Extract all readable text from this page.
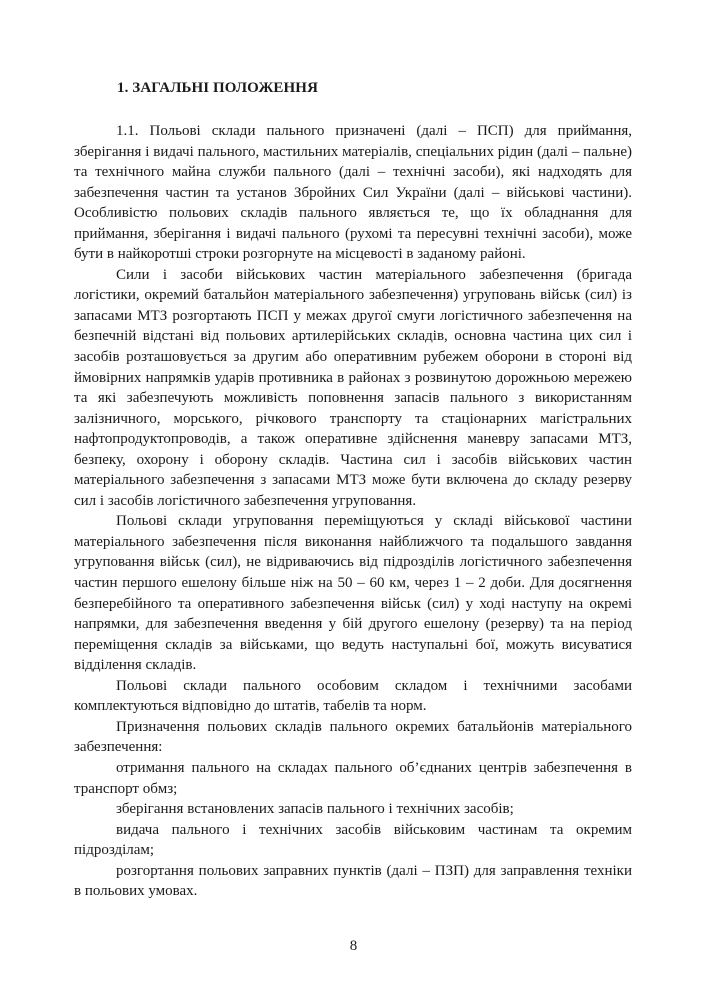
1. ЗАГАЛЬНІ ПОЛОЖЕННЯ

1.1. Польові склади пального призначені (далі – ПСП) для приймання, зберігання і видачі пального, мастильних матеріалів, спеціальних рідин (далі – пальне) та технічного майна служби пального (далі – технічні засоби), які надходять для забезпечення частин та установ Збройних Сил України (далі – військові частини). Особливістю польових складів пального являється те, що їх обладнання для приймання, зберігання і видачі пального (рухомі та пересувні технічні засоби), може бути в найкоротші строки розгорнуте на місцевості в заданому районі.

Сили і засоби військових частин матеріального забезпечення (бригада логістики, окремий батальйон матеріального забезпечення) угруповань військ (сил) із запасами МТЗ розгортають ПСП у межах другої смуги логістичного забезпечення на безпечній відстані від польових артилерійських складів, основна частина цих сил і засобів розташовується за другим або оперативним рубежем оборони в стороні від ймовірних напрямків ударів противника в районах з розвинутою дорожньою мережею та які забезпечують можливість поповнення запасів пального з використанням залізничного, морського, річкового транспорту та стаціонарних магістральних нафтопродуктопроводів, а також оперативне здійснення маневру запасами МТЗ, безпеку, охорону і оборону складів. Частина сил і засобів військових частин матеріального забезпечення з запасами МТЗ може бути включена до складу резерву сил і засобів логістичного забезпечення угруповання.

Польові склади угруповання переміщуються у складі військової частини матеріального забезпечення після виконання найближчого та подальшого завдання угруповання військ (сил), не відриваючись від підрозділів логістичного забезпечення частин першого ешелону більше ніж на 50 – 60 км, через 1 – 2 доби. Для досягнення безперебійного та оперативного забезпечення військ (сил) у ході наступу на окремі напрямки, для забезпечення введення у бій другого ешелону (резерву) та на період переміщення складів за військами, що ведуть наступальні бої, можуть висуватися відділення складів.

Польові склади пального особовим складом і технічними засобами комплектуються відповідно до штатів, табелів та норм.

Призначення польових складів пального окремих батальйонів матеріального забезпечення:

отримання пального на складах пального об’єднаних центрів забезпечення в транспорт обмз;

зберігання встановлених запасів пального і технічних засобів;

видача пального і технічних засобів військовим частинам та окремим підрозділам;

розгортання польових заправних пунктів (далі – ПЗП) для заправлення техніки в польових умовах.

8
